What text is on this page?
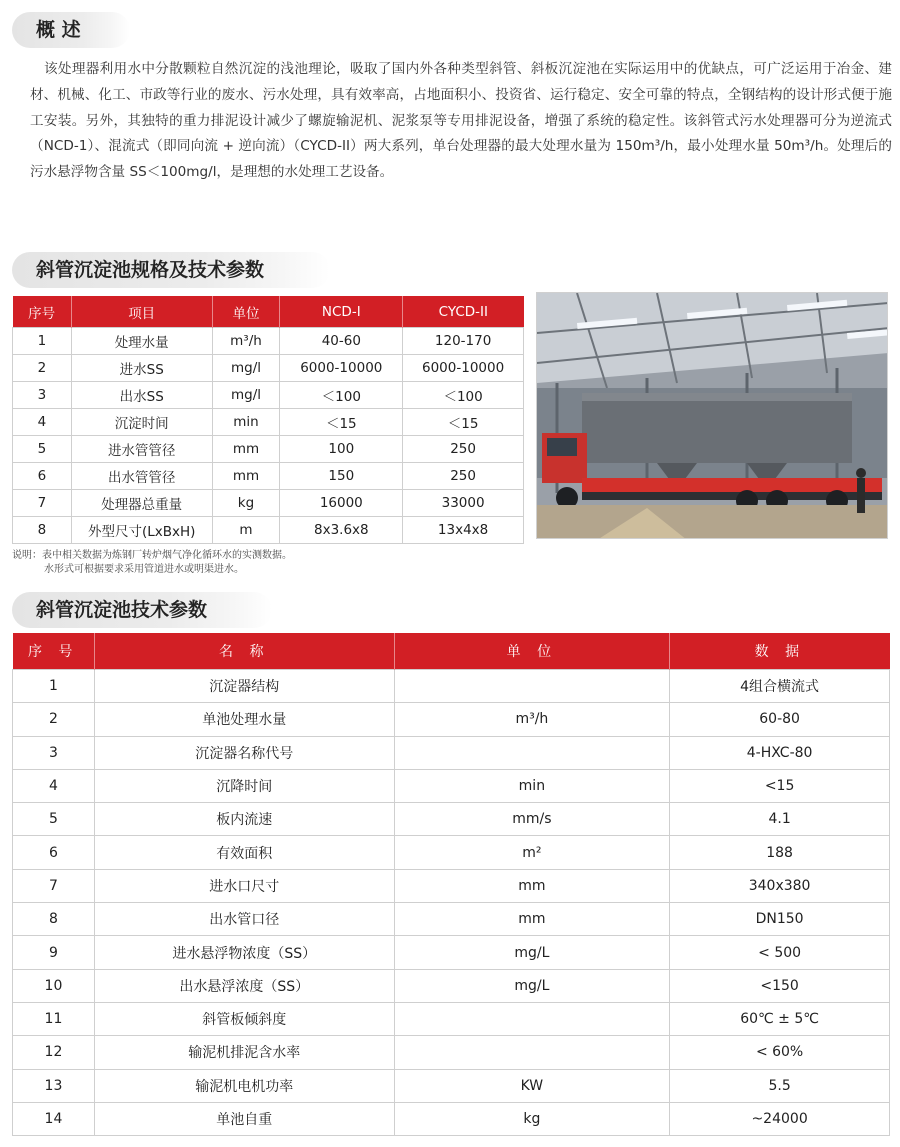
概 述
该处理器利用水中分散颗粒自然沉淀的浅池理论，吸取了国内外各种类型斜管、斜板沉淀池在实际运用中的优缺点，可广泛运用于冶金、建材、机械、化工、市政等行业的废水、污水处理，具有效率高，占地面积小、投资省、运行稳定、安全可靠的特点，全钢结构的设计形式便于施工安装。另外，其独特的重力排泥设计减少了螺旋输泥机、泥浆泵等专用排泥设备，增强了系统的稳定性。该斜管式污水处理器可分为逆流式（NCD-1）、混流式（即同向流 + 逆向流）（CYCD-II）两大系列，单台处理器的最大处理水量为 150m³/h，最小处理水量 50m³/h。处理后的污水悬浮物含量 SS＜100mg/l，是理想的水处理工艺设备。
斜管沉淀池规格及技术参数
序号	项目	单位	NCD-I	CYCD-II
1	处理水量	m³/h	40-60	120-170
2	进水SS	mg/l	6000-10000	6000-10000
3	出水SS	mg/l	＜100	＜100
4	沉淀时间	min	＜15	＜15
5	进水管管径	mm	100	250
6	出水管管径	mm	150	250
7	处理器总重量	kg	16000	33000
8	外型尺寸(LxBxH)	m	8x3.6x8	13x4x8
说明：表中相关数据为炼钢厂转炉烟气净化循环水的实测数据。
水形式可根据要求采用管道进水或明渠进水。
斜管沉淀池技术参数
序 号	名 称	单 位	数 据
1	沉淀器结构		4组合横流式
2	单池处理水量	m³/h	60-80
3	沉淀器名称代号		4-HXC-80
4	沉降时间	min	<15
5	板内流速	mm/s	4.1
6	有效面积	m²	188
7	进水口尺寸	mm	340x380
8	出水管口径	mm	DN150
9	进水悬浮物浓度（SS）	mg/L	< 500
10	出水悬浮浓度（SS）	mg/L	<150
11	斜管板倾斜度		60℃ ± 5℃
12	输泥机排泥含水率		< 60%
13	输泥机电机功率	KW	5.5
14	单池自重	kg	~24000
